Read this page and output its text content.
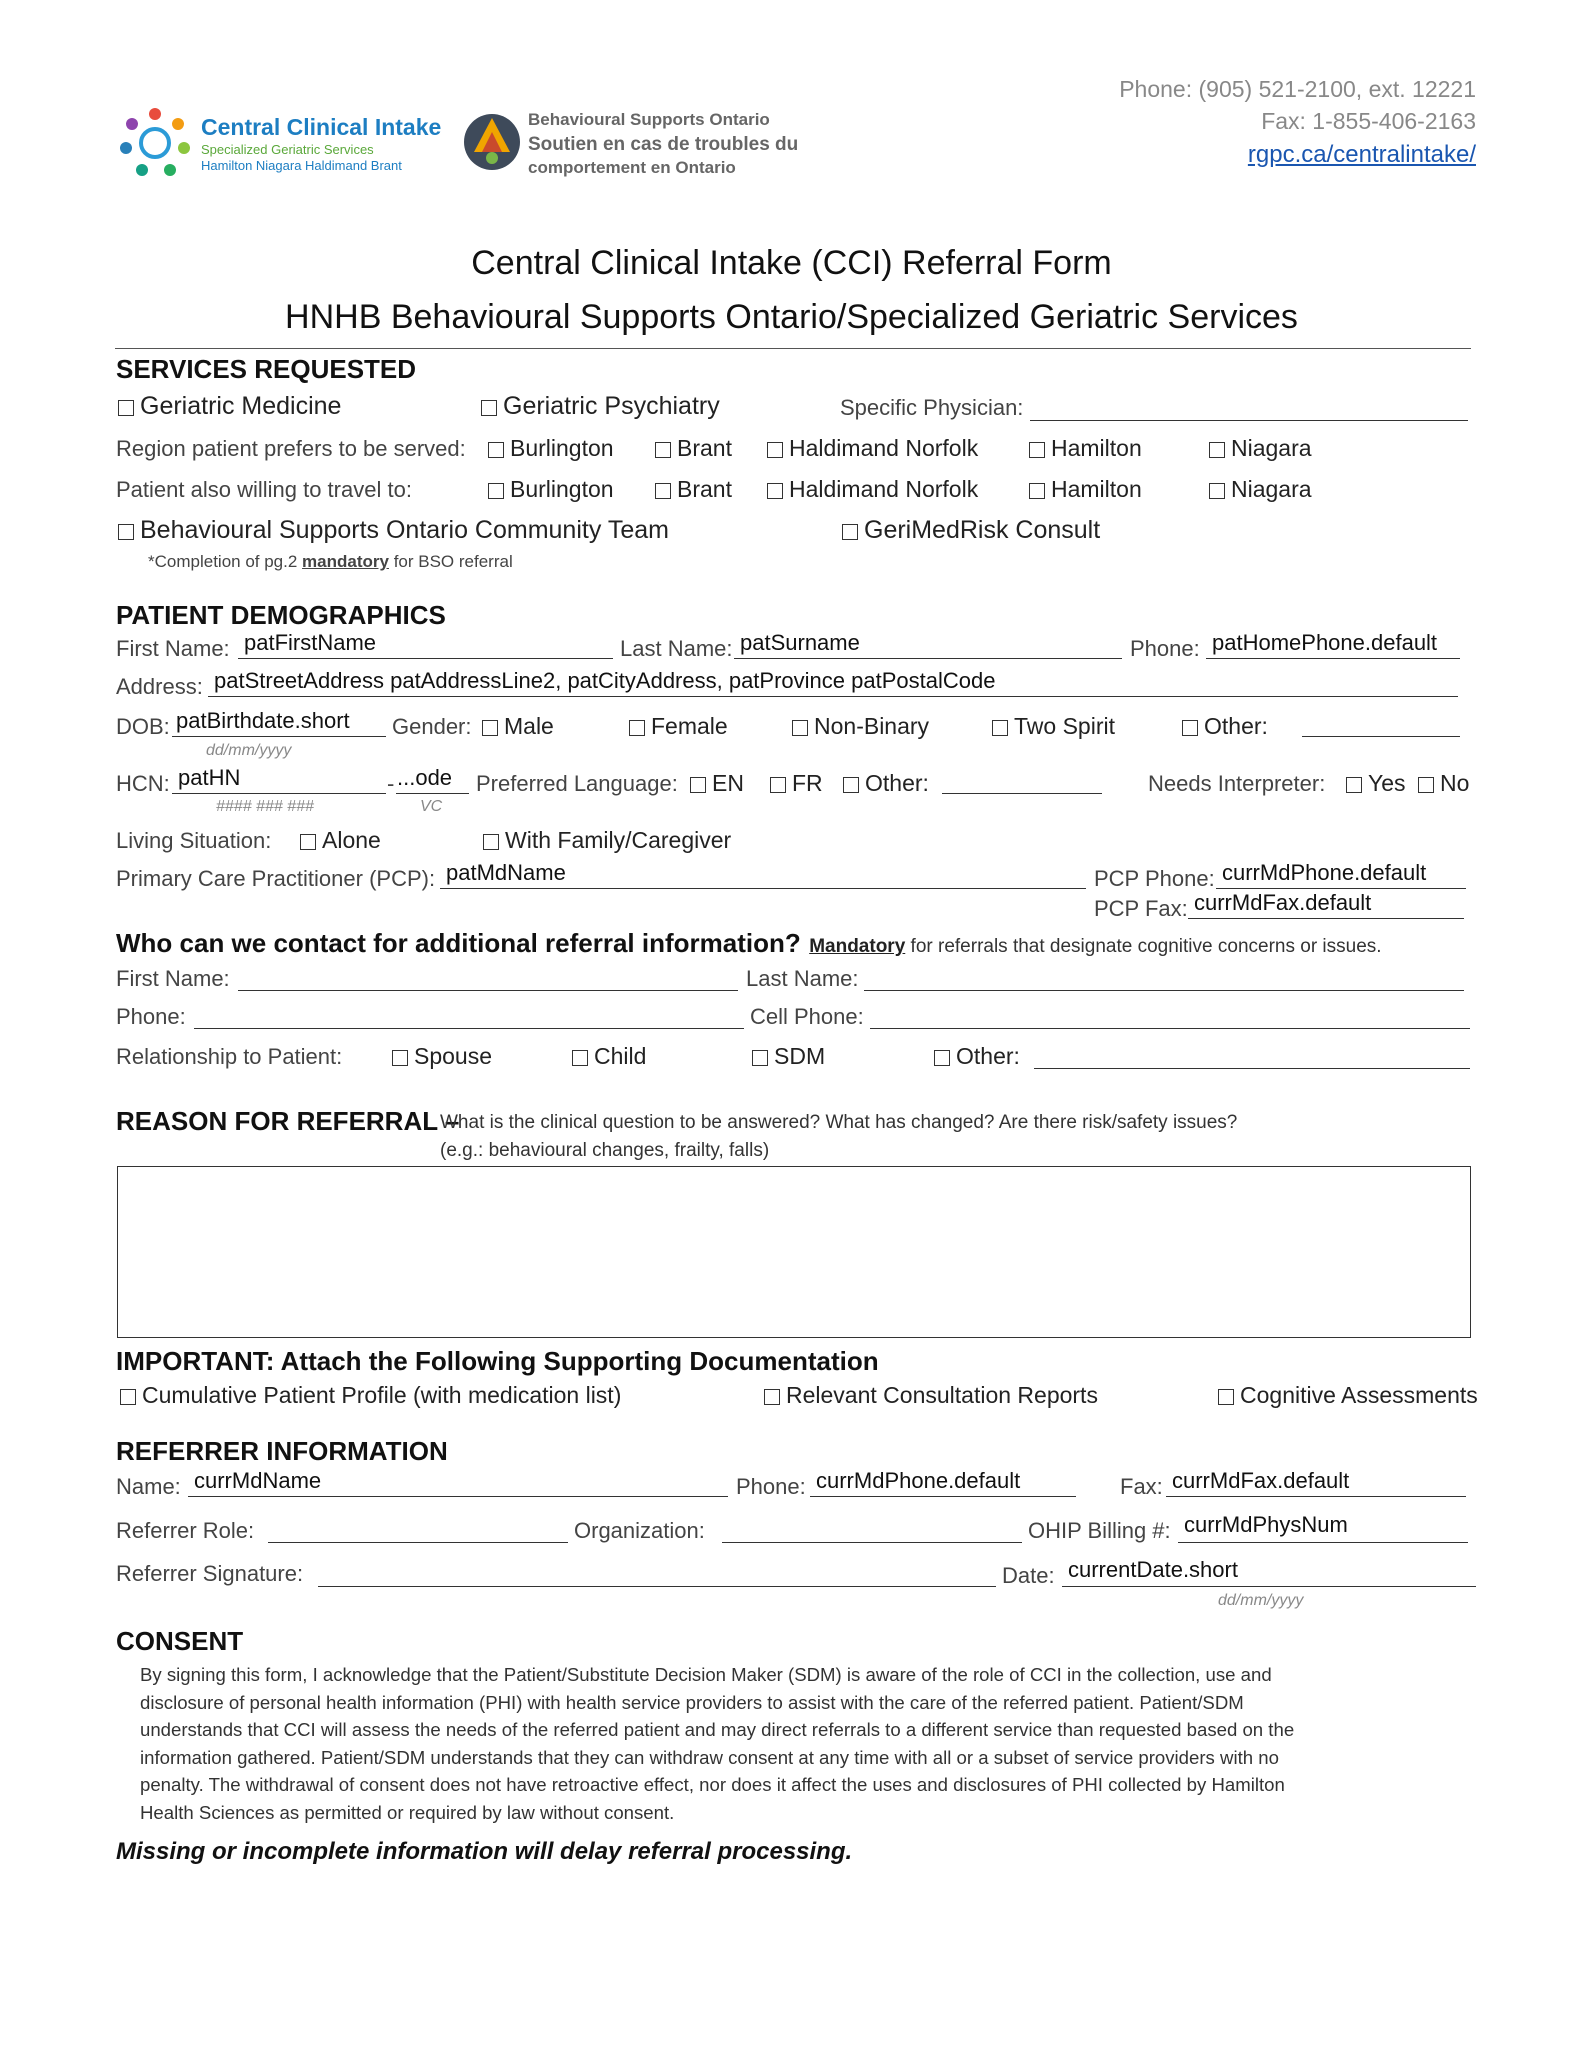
Central Clinical Intake
Specialized Geriatric Services
Hamilton Niagara Haldimand Brant
Behavioural Supports Ontario
Soutien en cas de troubles du
comportement en Ontario
Phone: (905) 521-2100, ext. 12221
Fax: 1-855-406-2163
rgpc.ca/centralintake/
Central Clinical Intake (CCI) Referral Form
HNHB Behavioural Supports Ontario/Specialized Geriatric Services
SERVICES REQUESTED
Geriatric Medicine	Geriatric Psychiatry	Specific Physician:
Region patient prefers to be served:	Burlington	Brant	Haldimand Norfolk	Hamilton	Niagara
Patient also willing to travel to:	Burlington	Brant	Haldimand Norfolk	Hamilton	Niagara
Behavioural Supports Ontario Community Team	GeriMedRisk Consult
*Completion of pg.2 mandatory for BSO referral
PATIENT DEMOGRAPHICS
First Name: patFirstName	Last Name: patSurname	Phone: patHomePhone.default
Address: patStreetAddress patAddressLine2, patCityAddress, patProvince patPostalCode
DOB: patBirthdate.short
dd/mm/yyyy
Gender:	Male	Female	Non-Binary	Two Spirit	Other:
HCN: patHN	- ...ode
#### ### ###	VC
Preferred Language:	EN	FR	Other:	Needs Interpreter:	Yes	No
Living Situation:	Alone	With Family/Caregiver
Primary Care Practitioner (PCP): patMdName	PCP Phone: currMdPhone.default
PCP Fax: currMdFax.default
Who can we contact for additional referral information? Mandatory for referrals that designate cognitive concerns or issues.
First Name:	Last Name:
Phone:	Cell Phone:
Relationship to Patient:	Spouse	Child	SDM	Other:
REASON FOR REFERRAL –
What is the clinical question to be answered? What has changed? Are there risk/safety issues?
(e.g.: behavioural changes, frailty, falls)
IMPORTANT: Attach the Following Supporting Documentation
Cumulative Patient Profile (with medication list)	Relevant Consultation Reports	Cognitive Assessments
REFERRER INFORMATION
Name: currMdName	Phone: currMdPhone.default	Fax: currMdFax.default
Referrer Role:	Organization:	OHIP Billing #: currMdPhysNum
Referrer Signature:	Date: currentDate.short
dd/mm/yyyy
CONSENT
By signing this form, I acknowledge that the Patient/Substitute Decision Maker (SDM) is aware of the role of CCI in the collection, use and
disclosure of personal health information (PHI) with health service providers to assist with the care of the referred patient. Patient/SDM
understands that CCI will assess the needs of the referred patient and may direct referrals to a different service than requested based on the
information gathered. Patient/SDM understands that they can withdraw consent at any time with all or a subset of service providers with no
penalty. The withdrawal of consent does not have retroactive effect, nor does it affect the uses and disclosures of PHI collected by Hamilton
Health Sciences as permitted or required by law without consent.
Missing or incomplete information will delay referral processing.
